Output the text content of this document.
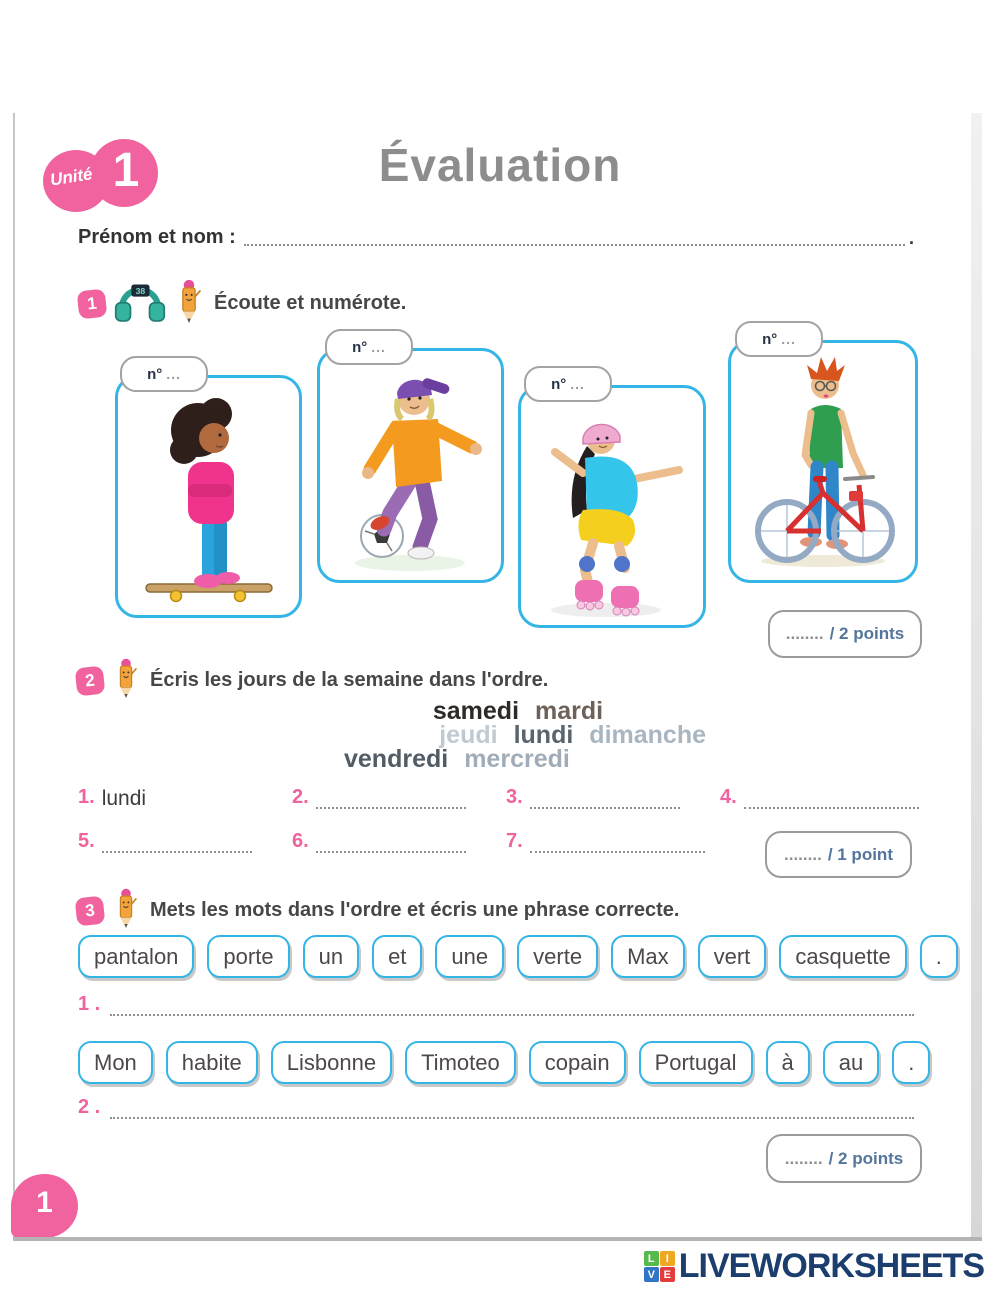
Unité 1	Évaluation
Prénom et nom :	.
1
38
Écoute et numérote.
n° ...
n° ...
n° ...
n° ...
........ / 2 points
2	Écris les jours de la semaine dans l'ordre.
samedi mardi
jeudi lundi dimanche
vendredi mercredi
1. lundi	2.	3.	4.
5.	6.	7.
........ / 1 point
3	Mets les mots dans l'ordre et écris une phrase correcte.
pantalon	porte	un	et	une	verte	Max	vert	casquette	.
1 .
Mon	habite	Lisbonne	Timoteo	copain	Portugal	à	au	.
2 .
........ / 2 points
1
L	I
V E LIVEWORKSHEETS
